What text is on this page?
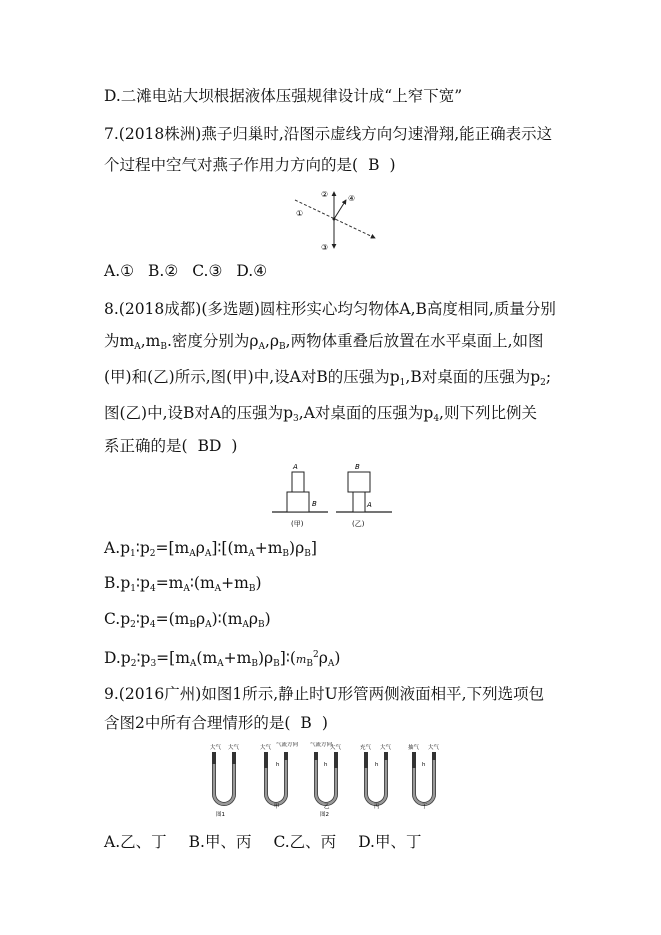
D.二滩电站大坝根据液体压强规律设计成“上窄下宽”
7.(2018株洲)燕子归巢时,沿图示虚线方向匀速滑翔,能正确表示这
个过程中空气对燕子作用力方向的是( B )
①
②
③
④
A.① B.② C.③ D.④
8.(2018成都)(多选题)圆柱形实心均匀物体A,B高度相同,质量分别
为$m_A,m_B$.密度分别为$\rho_A,\rho_B$,两物体重叠后放置在水平桌面上,如图
(甲)和(乙)所示,图(甲)中,设A对B的压强为$p_1,B$对桌面的压强为$p_2$;
图(乙)中,设B对A的压强为$p_3,A$对桌面的压强为$p_4$,则下列比例关
系正确的是( BD )
A
B
(甲)
B
A
(乙)
$A.p_1∶p_2=[m_A\rho_A]∶[(m_A+m_B)\rho_B]$
$B.p_1∶p_4=m_A∶(m_A+m_B)$
$C.p_2∶p_4=(m_B\rho_A)∶(m_A\rho_B)$
$D.p_2∶p_3=[m_A(m_A+m_B)\rho_B]∶(m_B^2\rho_A)$
9.(2016广州)如图1所示,静止时U形管两侧液面相平,下列选项包
含图2中所有合理情形的是( B )
大气 大气
图1
大气 气流方向
h
甲
气流方向
大气
h
乙
图2
充气 大气
h
丙
抽气 大气
h
丁
A.乙、丁 B.甲、丙 C.乙、丙 D.甲、丁
